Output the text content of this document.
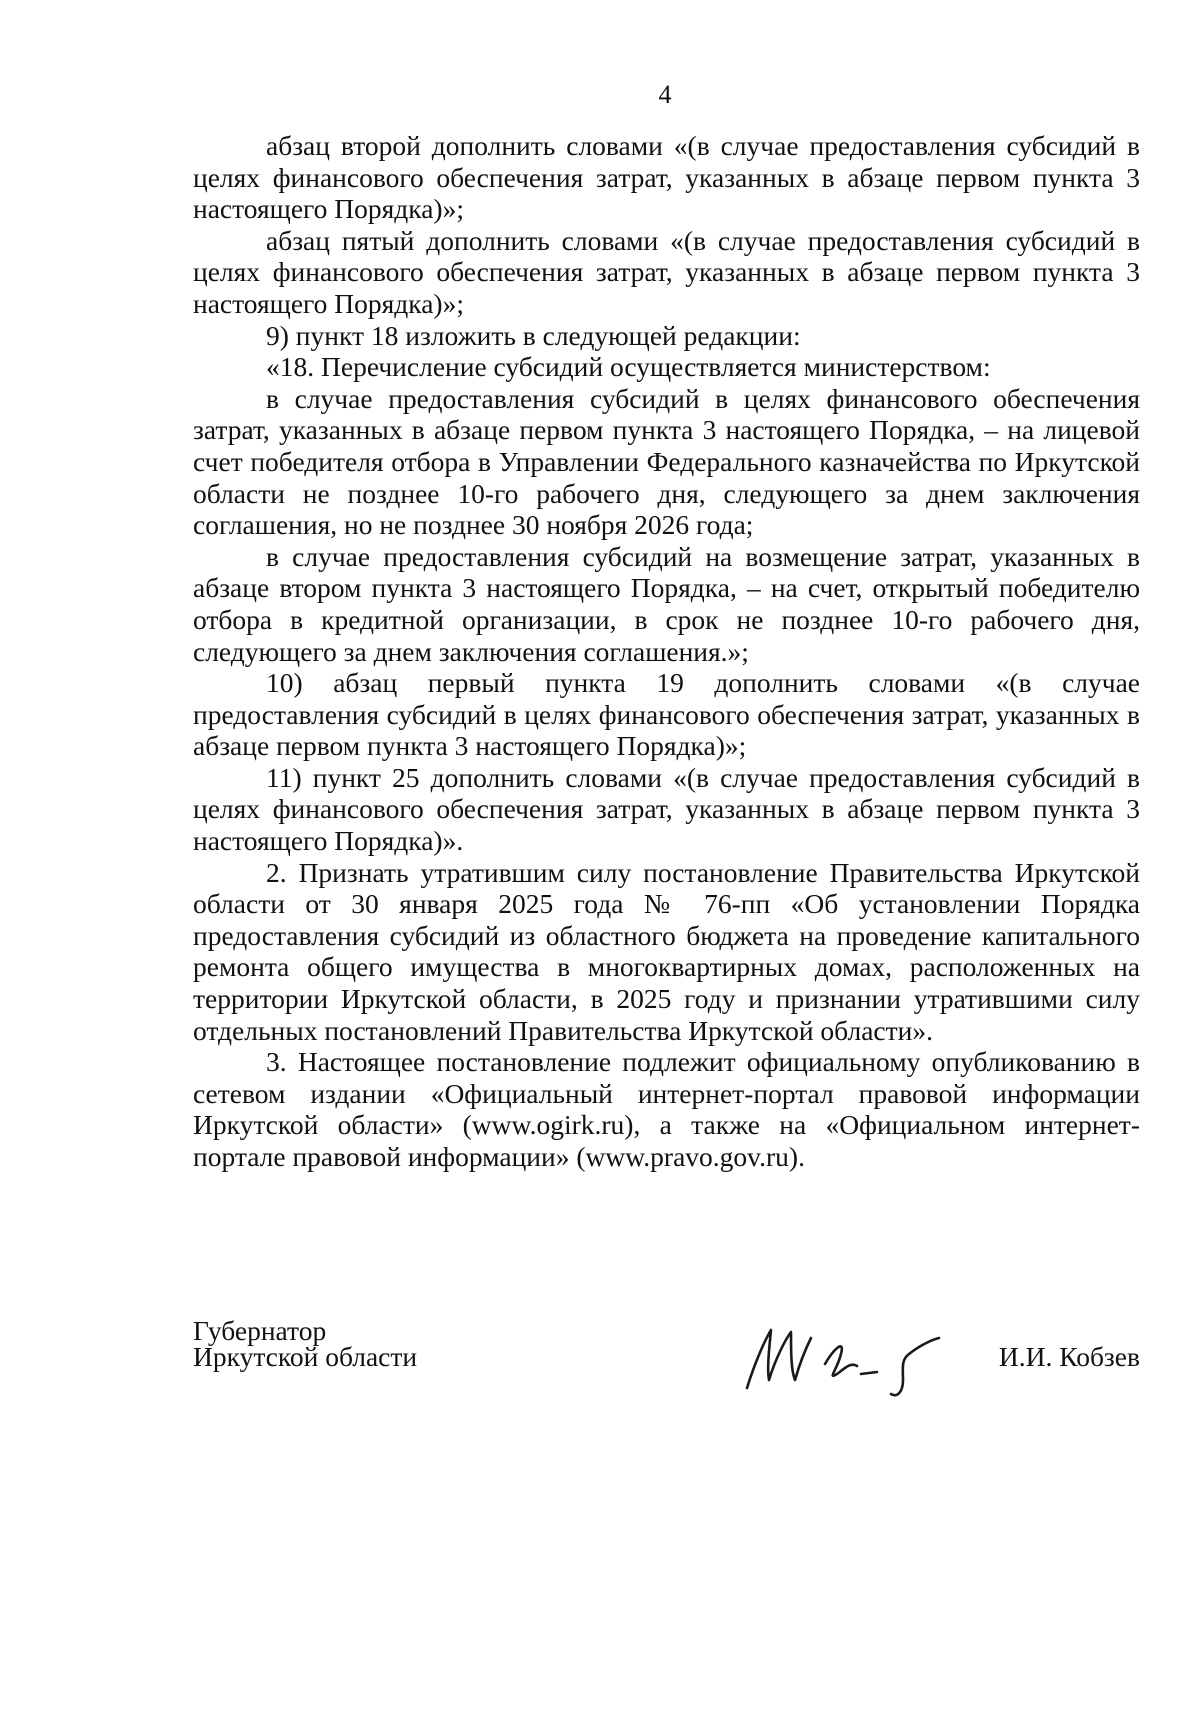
4

абзац второй дополнить словами «(в случае предоставления субсидий в целях финансового обеспечения затрат, указанных в абзаце первом пункта 3 настоящего Порядка)»;

абзац пятый дополнить словами «(в случае предоставления субсидий в целях финансового обеспечения затрат, указанных в абзаце первом пункта 3 настоящего Порядка)»;

9) пункт 18 изложить в следующей редакции:

«18. Перечисление субсидий осуществляется министерством:

в случае предоставления субсидий в целях финансового обеспечения затрат, указанных в абзаце первом пункта 3 настоящего Порядка, – на лицевой счет победителя отбора в Управлении Федерального казначейства по Иркутской области не позднее 10-го рабочего дня, следующего за днем заключения соглашения, но не позднее 30 ноября 2026 года;

в случае предоставления субсидий на возмещение затрат, указанных в абзаце втором пункта 3 настоящего Порядка, – на счет, открытый победителю отбора в кредитной организации, в срок не позднее 10-го рабочего дня, следующего за днем заключения соглашения.»;

10) абзац первый пункта 19 дополнить словами «(в случае предоставления субсидий в целях финансового обеспечения затрат, указанных в абзаце первом пункта 3 настоящего Порядка)»;

11) пункт 25 дополнить словами «(в случае предоставления субсидий в целях финансового обеспечения затрат, указанных в абзаце первом пункта 3 настоящего Порядка)».

2. Признать утратившим силу постановление Правительства Иркутской области от 30 января 2025 года № 76-пп «Об установлении Порядка предоставления субсидий из областного бюджета на проведение капитального ремонта общего имущества в многоквартирных домах, расположенных на территории Иркутской области, в 2025 году и признании утратившими силу отдельных постановлений Правительства Иркутской области».

3. Настоящее постановление подлежит официальному опубликованию в сетевом издании «Официальный интернет-портал правовой информации Иркутской области» (www.ogirk.ru), а также на «Официальном интернет-портале правовой информации» (www.pravo.gov.ru).

Губернатор
Иркутской области	И.И. Кобзев
